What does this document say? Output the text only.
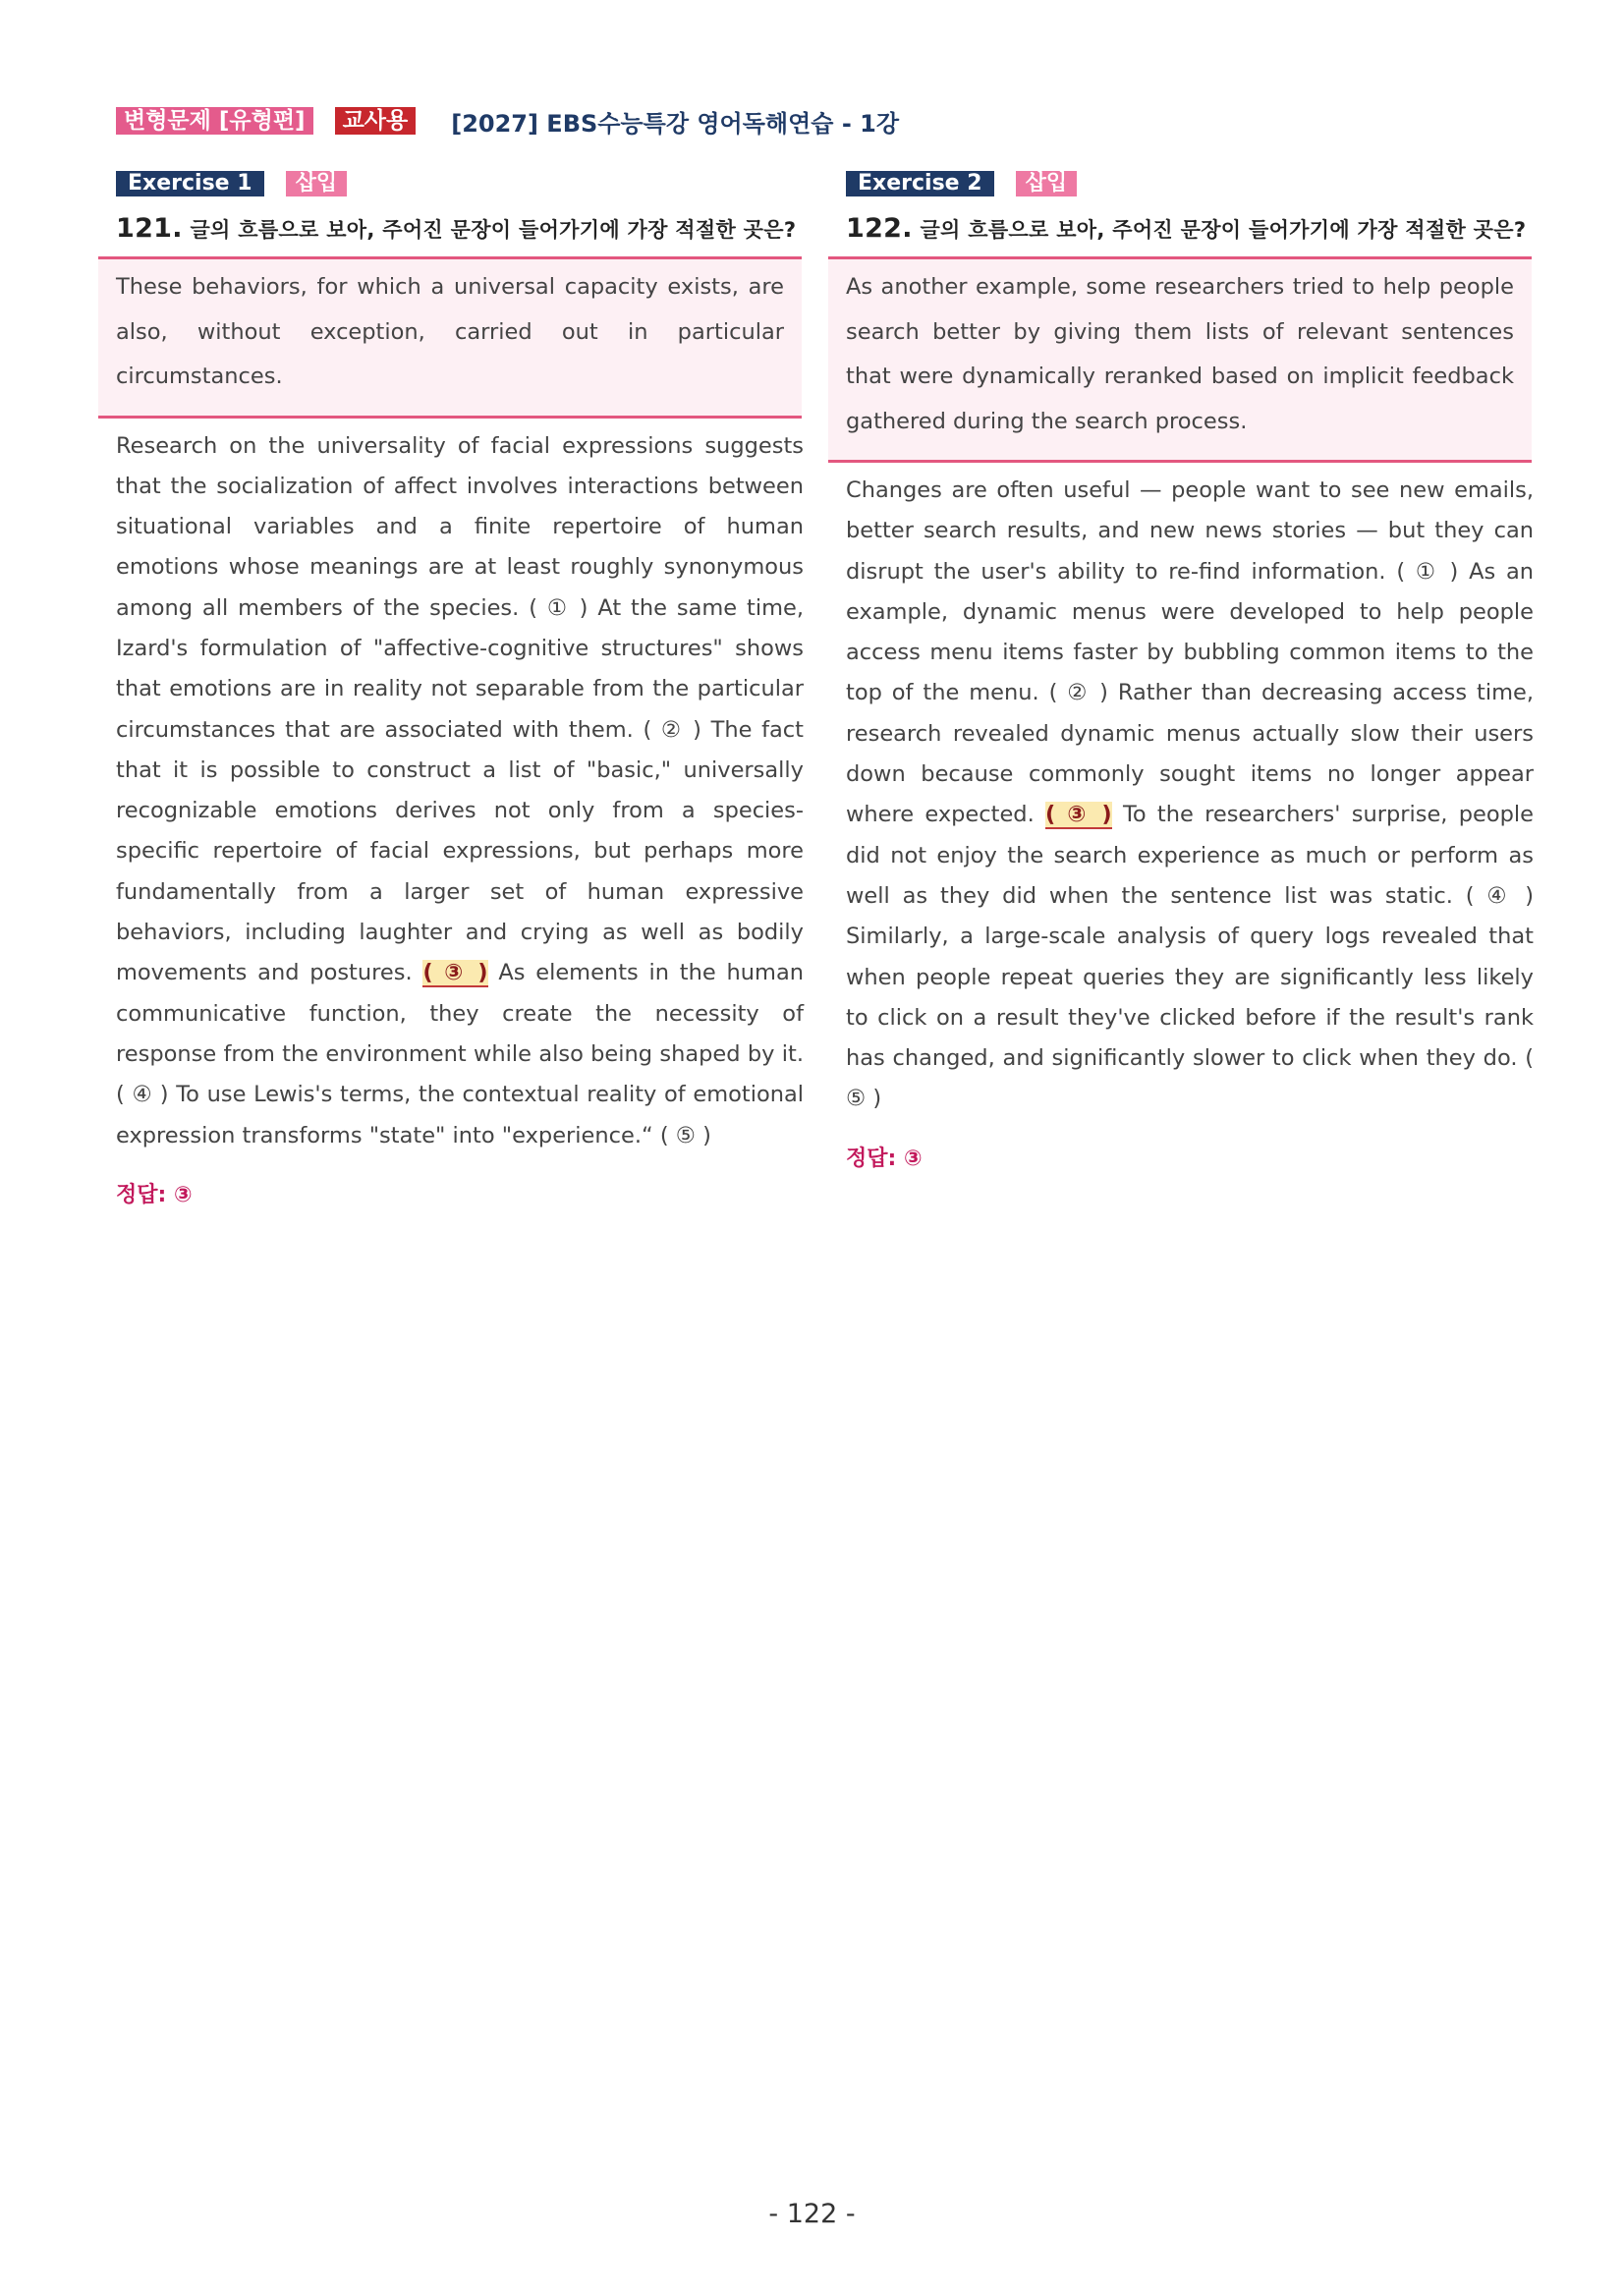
변형문제 [유형편]	교사용	[2027] EBS수능특강 영어독해연습 - 1강
Exercise 1	삽입
121. 글의 흐름으로 보아, 주어진 문장이 들어가기에 가장 적절한 곳은?
These behaviors, for which a universal capacity exists, are also, without exception, carried out in particular circumstances.
Research on the universality of facial expressions suggests that the socialization of affect involves interactions between situational variables and a finite repertoire of human emotions whose meanings are at least roughly synonymous among all members of the species. ( ① ) At the same time, Izard's formulation of "affective-cognitive structures" shows that emotions are in reality not separable from the particular circumstances that are associated with them. ( ② ) The fact that it is possible to construct a list of "basic," universally recognizable emotions derives not only from a species-specific repertoire of facial expressions, but perhaps more fundamentally from a larger set of human expressive behaviors, including laughter and crying as well as bodily movements and postures. ( ③ ) As elements in the human communicative function, they create the necessity of response from the environment while also being shaped by it. ( ④ ) To use Lewis's terms, the contextual reality of emotional expression transforms "state" into "experience.“ ( ⑤ )
정답: ③
Exercise 2	삽입
122. 글의 흐름으로 보아, 주어진 문장이 들어가기에 가장 적절한 곳은?
As another example, some researchers tried to help people search better by giving them lists of relevant sentences that were dynamically reranked based on implicit feedback gathered during the search process.
Changes are often useful — people want to see new emails, better search results, and new news stories — but they can disrupt the user's ability to re-find information. ( ① ) As an example, dynamic menus were developed to help people access menu items faster by bubbling common items to the top of the menu. ( ② ) Rather than decreasing access time, research revealed dynamic menus actually slow their users down because commonly sought items no longer appear where expected. ( ③ ) To the researchers' surprise, people did not enjoy the search experience as much or perform as well as they did when the sentence list was static. ( ④ ) Similarly, a large-scale analysis of query logs revealed that when people repeat queries they are significantly less likely to click on a result they've clicked before if the result's rank has changed, and significantly slower to click when they do. ( ⑤ )
정답: ③
- 122 -
